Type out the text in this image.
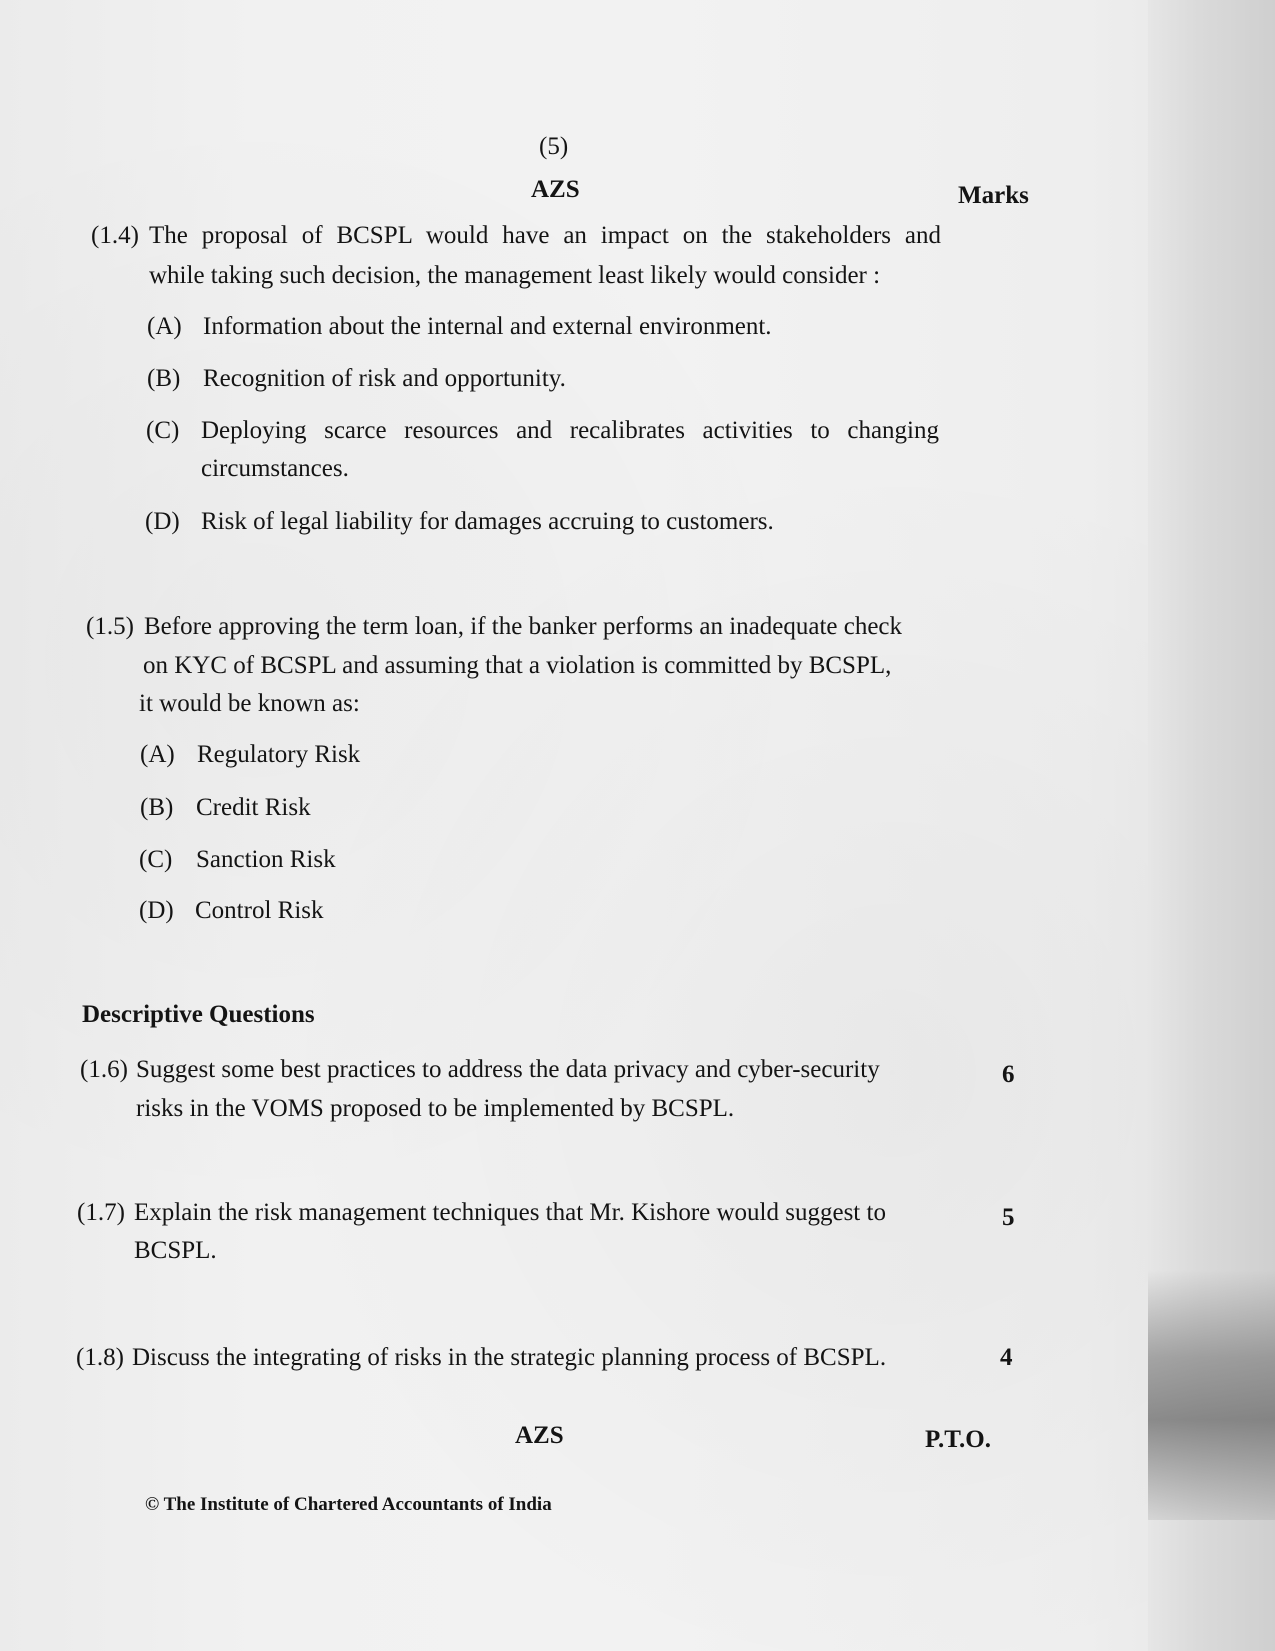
(5)
AZS	Marks
(1.4) The proposal of BCSPL would have an impact on the stakeholders and
while taking such decision, the management least likely would consider :
(A) Information about the internal and external environment.
(B) Recognition of risk and opportunity.
(C) Deploying scarce resources and recalibrates activities to changing
circumstances.
(D) Risk of legal liability for damages accruing to customers.
(1.5) Before approving the term loan, if the banker performs an inadequate check
on KYC of BCSPL and assuming that a violation is committed by BCSPL,
it would be known as:
(A) Regulatory Risk
(B) Credit Risk
(C) Sanction Risk
(D) Control Risk
Descriptive Questions
(1.6) Suggest some best practices to address the data privacy and cyber-security
risks in the VOMS proposed to be implemented by BCSPL.
6
(1.7) Explain the risk management techniques that Mr. Kishore would suggest to
BCSPL.
5
(1.8) Discuss the integrating of risks in the strategic planning process of BCSPL.	4
AZS	P.T.O.
© The Institute of Chartered Accountants of India
